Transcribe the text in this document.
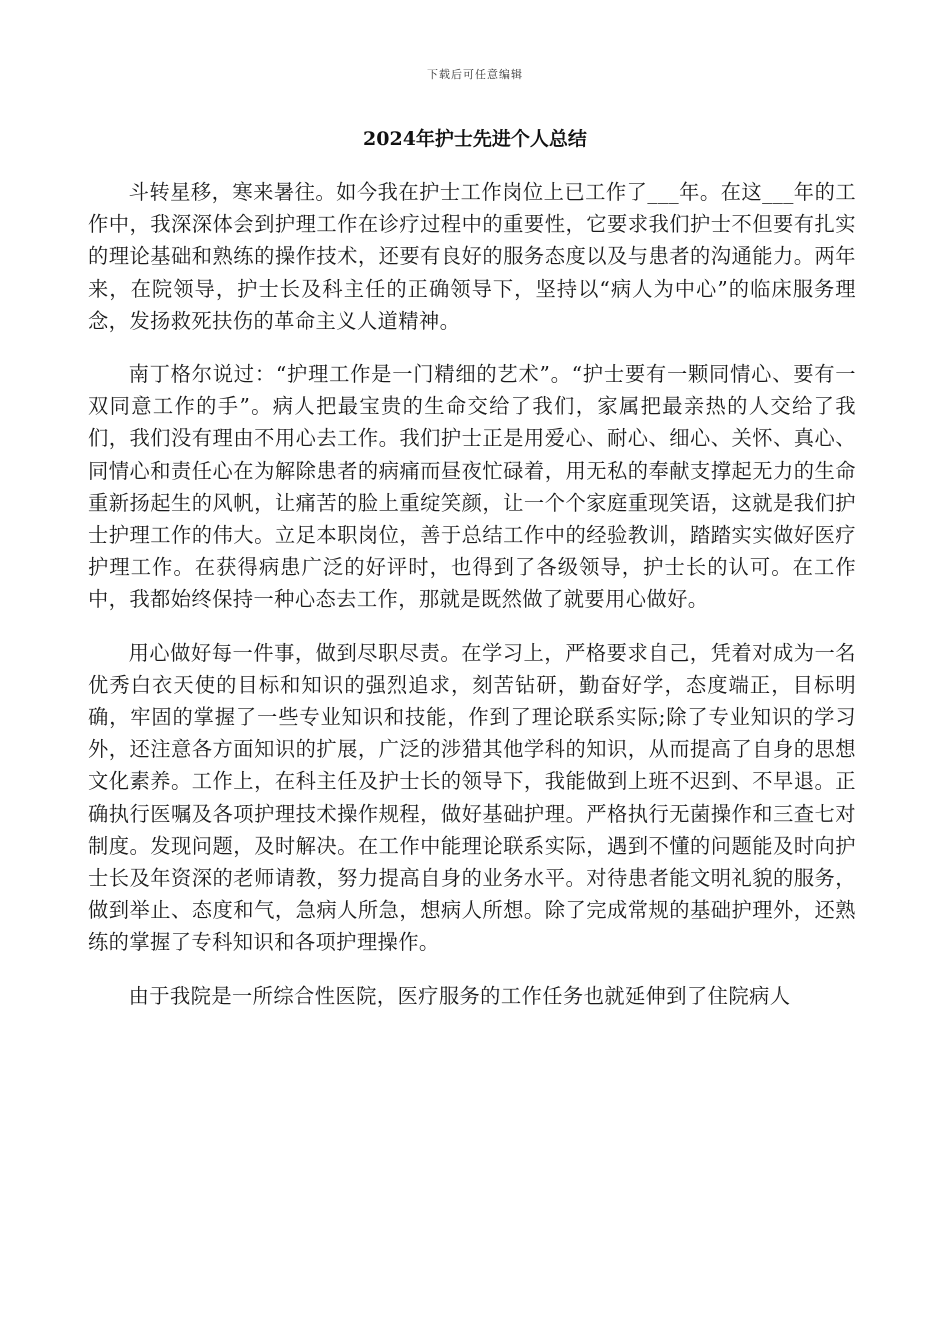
下载后可任意编辑
2024年护士先进个人总结

斗转星移，寒来暑往。如今我在护士工作岗位上已工作了___年。在这___年的工作中，我深深体会到护理工作在诊疗过程中的重要性，它要求我们护士不但要有扎实的理论基础和熟练的操作技术，还要有良好的服务态度以及与患者的沟通能力。两年来，在院领导，护士长及科主任的正确领导下，坚持以“病人为中心”的临床服务理念，发扬救死扶伤的革命主义人道精神。

南丁格尔说过：“护理工作是一门精细的艺术”。“护士要有一颗同情心、要有一双同意工作的手”。病人把最宝贵的生命交给了我们，家属把最亲热的人交给了我们，我们没有理由不用心去工作。我们护士正是用爱心、耐心、细心、关怀、真心、同情心和责任心在为解除患者的病痛而昼夜忙碌着，用无私的奉献支撑起无力的生命重新扬起生的风帆，让痛苦的脸上重绽笑颜，让一个个家庭重现笑语，这就是我们护士护理工作的伟大。立足本职岗位，善于总结工作中的经验教训，踏踏实实做好医疗护理工作。在获得病患广泛的好评时，也得到了各级领导，护士长的认可。在工作中，我都始终保持一种心态去工作，那就是既然做了就要用心做好。

用心做好每一件事，做到尽职尽责。在学习上，严格要求自己，凭着对成为一名优秀白衣天使的目标和知识的强烈追求，刻苦钻研，勤奋好学，态度端正，目标明确，牢固的掌握了一些专业知识和技能，作到了理论联系实际;除了专业知识的学习外，还注意各方面知识的扩展，广泛的涉猎其他学科的知识，从而提高了自身的思想文化素养。工作上，在科主任及护士长的领导下，我能做到上班不迟到、不早退。正确执行医嘱及各项护理技术操作规程，做好基础护理。严格执行无菌操作和三查七对制度。发现问题，及时解决。在工作中能理论联系实际，遇到不懂的问题能及时向护士长及年资深的老师请教，努力提高自身的业务水平。对待患者能文明礼貌的服务，做到举止、态度和气，急病人所急，想病人所想。除了完成常规的基础护理外，还熟练的掌握了专科知识和各项护理操作。

由于我院是一所综合性医院，医疗服务的工作任务也就延伸到了住院病人
